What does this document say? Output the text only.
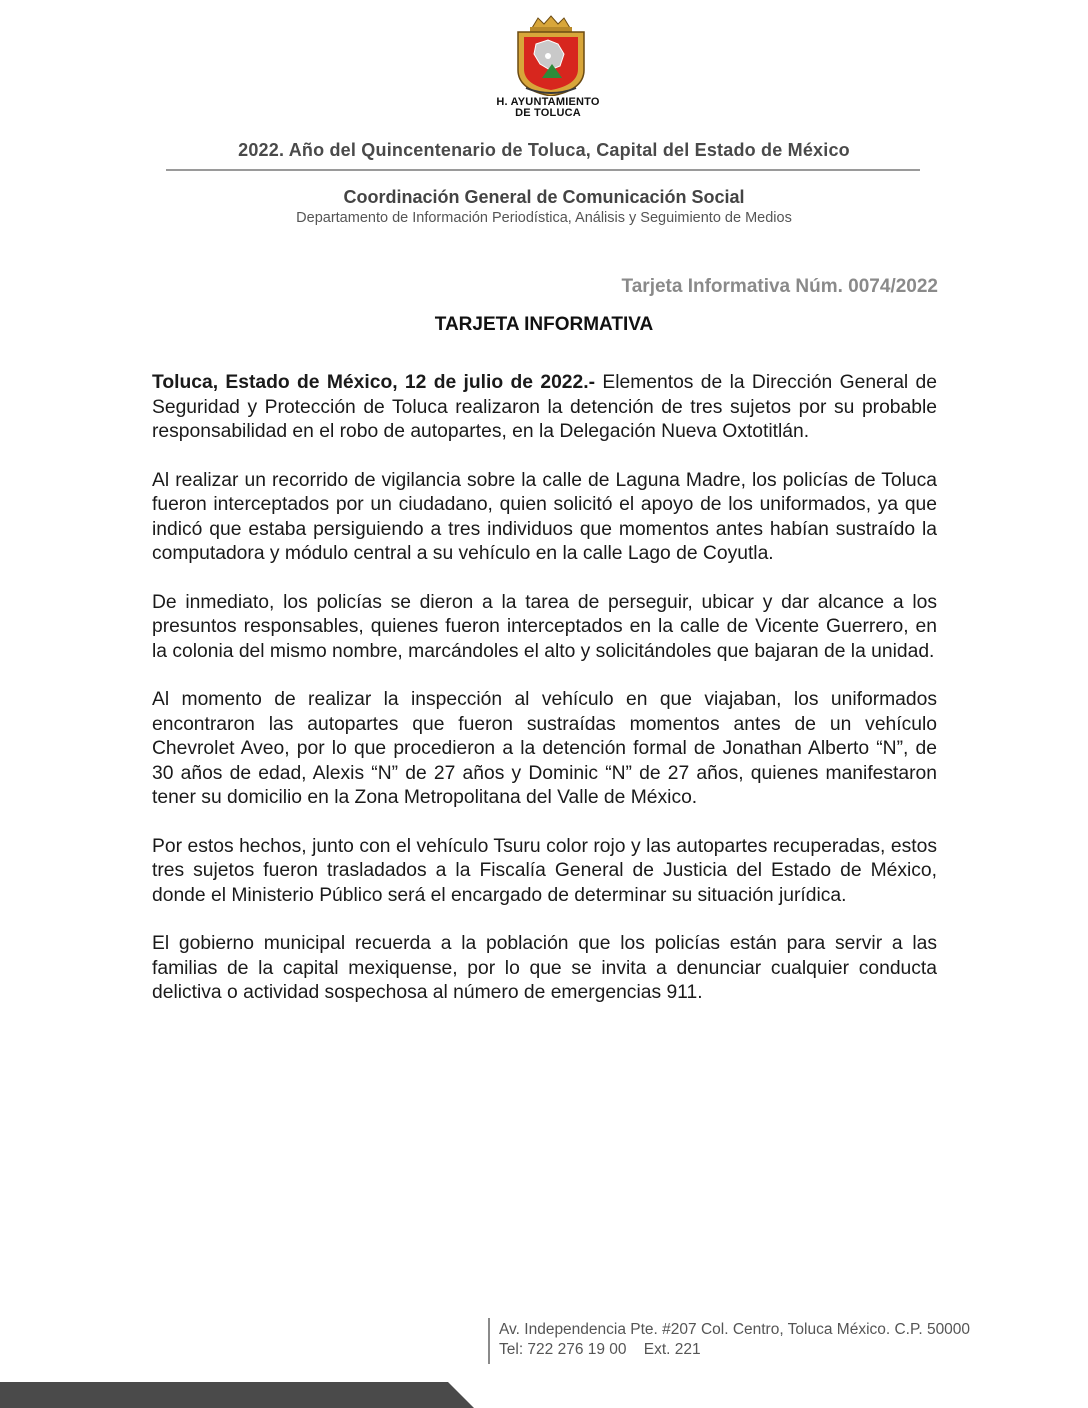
H. AYUNTAMIENTO
DE TOLUCA
2022. Año del Quincentenario de Toluca, Capital del Estado de México
Coordinación General de Comunicación Social
Departamento de Información Periodística, Análisis y Seguimiento de Medios
Tarjeta Informativa Núm. 0074/2022
TARJETA INFORMATIVA

Toluca, Estado de México, 12 de julio de 2022.- Elementos de la Dirección General de Seguridad y Protección de Toluca realizaron la detención de tres sujetos por su probable responsabilidad en el robo de autopartes, en la Delegación Nueva Oxtotitlán.

Al realizar un recorrido de vigilancia sobre la calle de Laguna Madre, los policías de Toluca fueron interceptados por un ciudadano, quien solicitó el apoyo de los uniformados, ya que indicó que estaba persiguiendo a tres individuos que momentos antes habían sustraído la computadora y módulo central a su vehículo en la calle Lago de Coyutla.

De inmediato, los policías se dieron a la tarea de perseguir, ubicar y dar alcance a los presuntos responsables, quienes fueron interceptados en la calle de Vicente Guerrero, en la colonia del mismo nombre, marcándoles el alto y solicitándoles que bajaran de la unidad.

Al momento de realizar la inspección al vehículo en que viajaban, los uniformados encontraron las autopartes que fueron sustraídas momentos antes de un vehículo Chevrolet Aveo, por lo que procedieron a la detención formal de Jonathan Alberto “N”, de 30 años de edad, Alexis “N” de 27 años y Dominic “N” de 27 años, quienes manifestaron tener su domicilio en la Zona Metropolitana del Valle de México.

Por estos hechos, junto con el vehículo Tsuru color rojo y las autopartes recuperadas, estos tres sujetos fueron trasladados a la Fiscalía General de Justicia del Estado de México, donde el Ministerio Público será el encargado de determinar su situación jurídica.

El gobierno municipal recuerda a la población que los policías están para servir a las familias de la capital mexiquense, por lo que se invita a denunciar cualquier conducta delictiva o actividad sospechosa al número de emergencias 911.

Av. Independencia Pte. #207 Col. Centro, Toluca México. C.P. 50000
Tel: 722 276 19 00    Ext. 221
